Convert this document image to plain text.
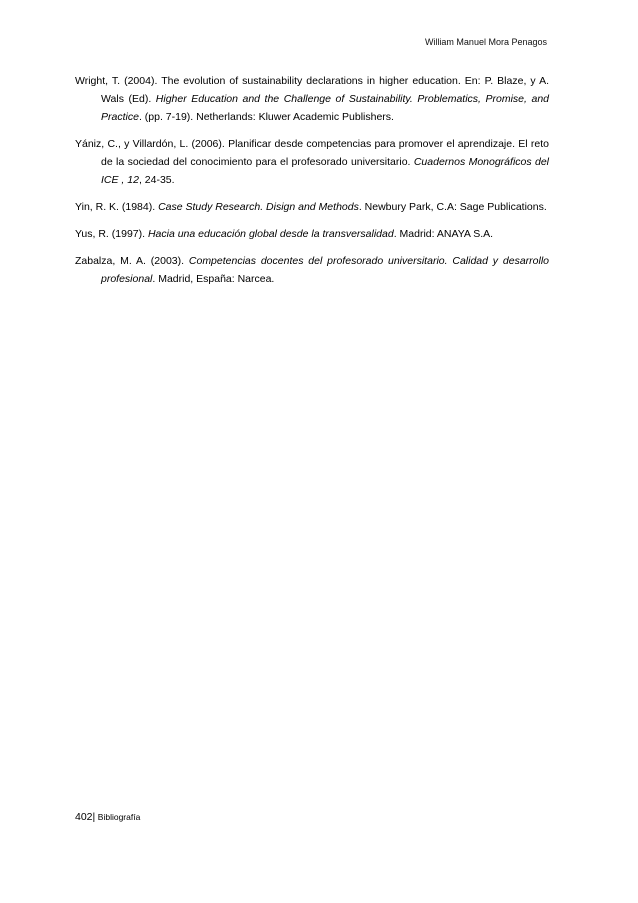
William Manuel Mora Penagos

Wright, T. (2004). The evolution of sustainability declarations in higher education. En: P. Blaze, y A. Wals (Ed). Higher Education and the Challenge of Sustainability. Problematics, Promise, and Practice. (pp. 7-19). Netherlands: Kluwer Academic Publishers.

Yániz, C., y Villardón, L. (2006). Planificar desde competencias para promover el aprendizaje. El reto de la sociedad del conocimiento para el profesorado universitario. Cuadernos Monográficos del ICE , 12, 24-35.

Yin, R. K. (1984). Case Study Research. Disign and Methods. Newbury Park, C.A: Sage Publications.

Yus, R. (1997). Hacia una educación global desde la transversalidad. Madrid: ANAYA S.A.

Zabalza, M. A. (2003). Competencias docentes del profesorado universitario. Calidad y desarrollo profesional. Madrid, España: Narcea.

402| Bibliografía
